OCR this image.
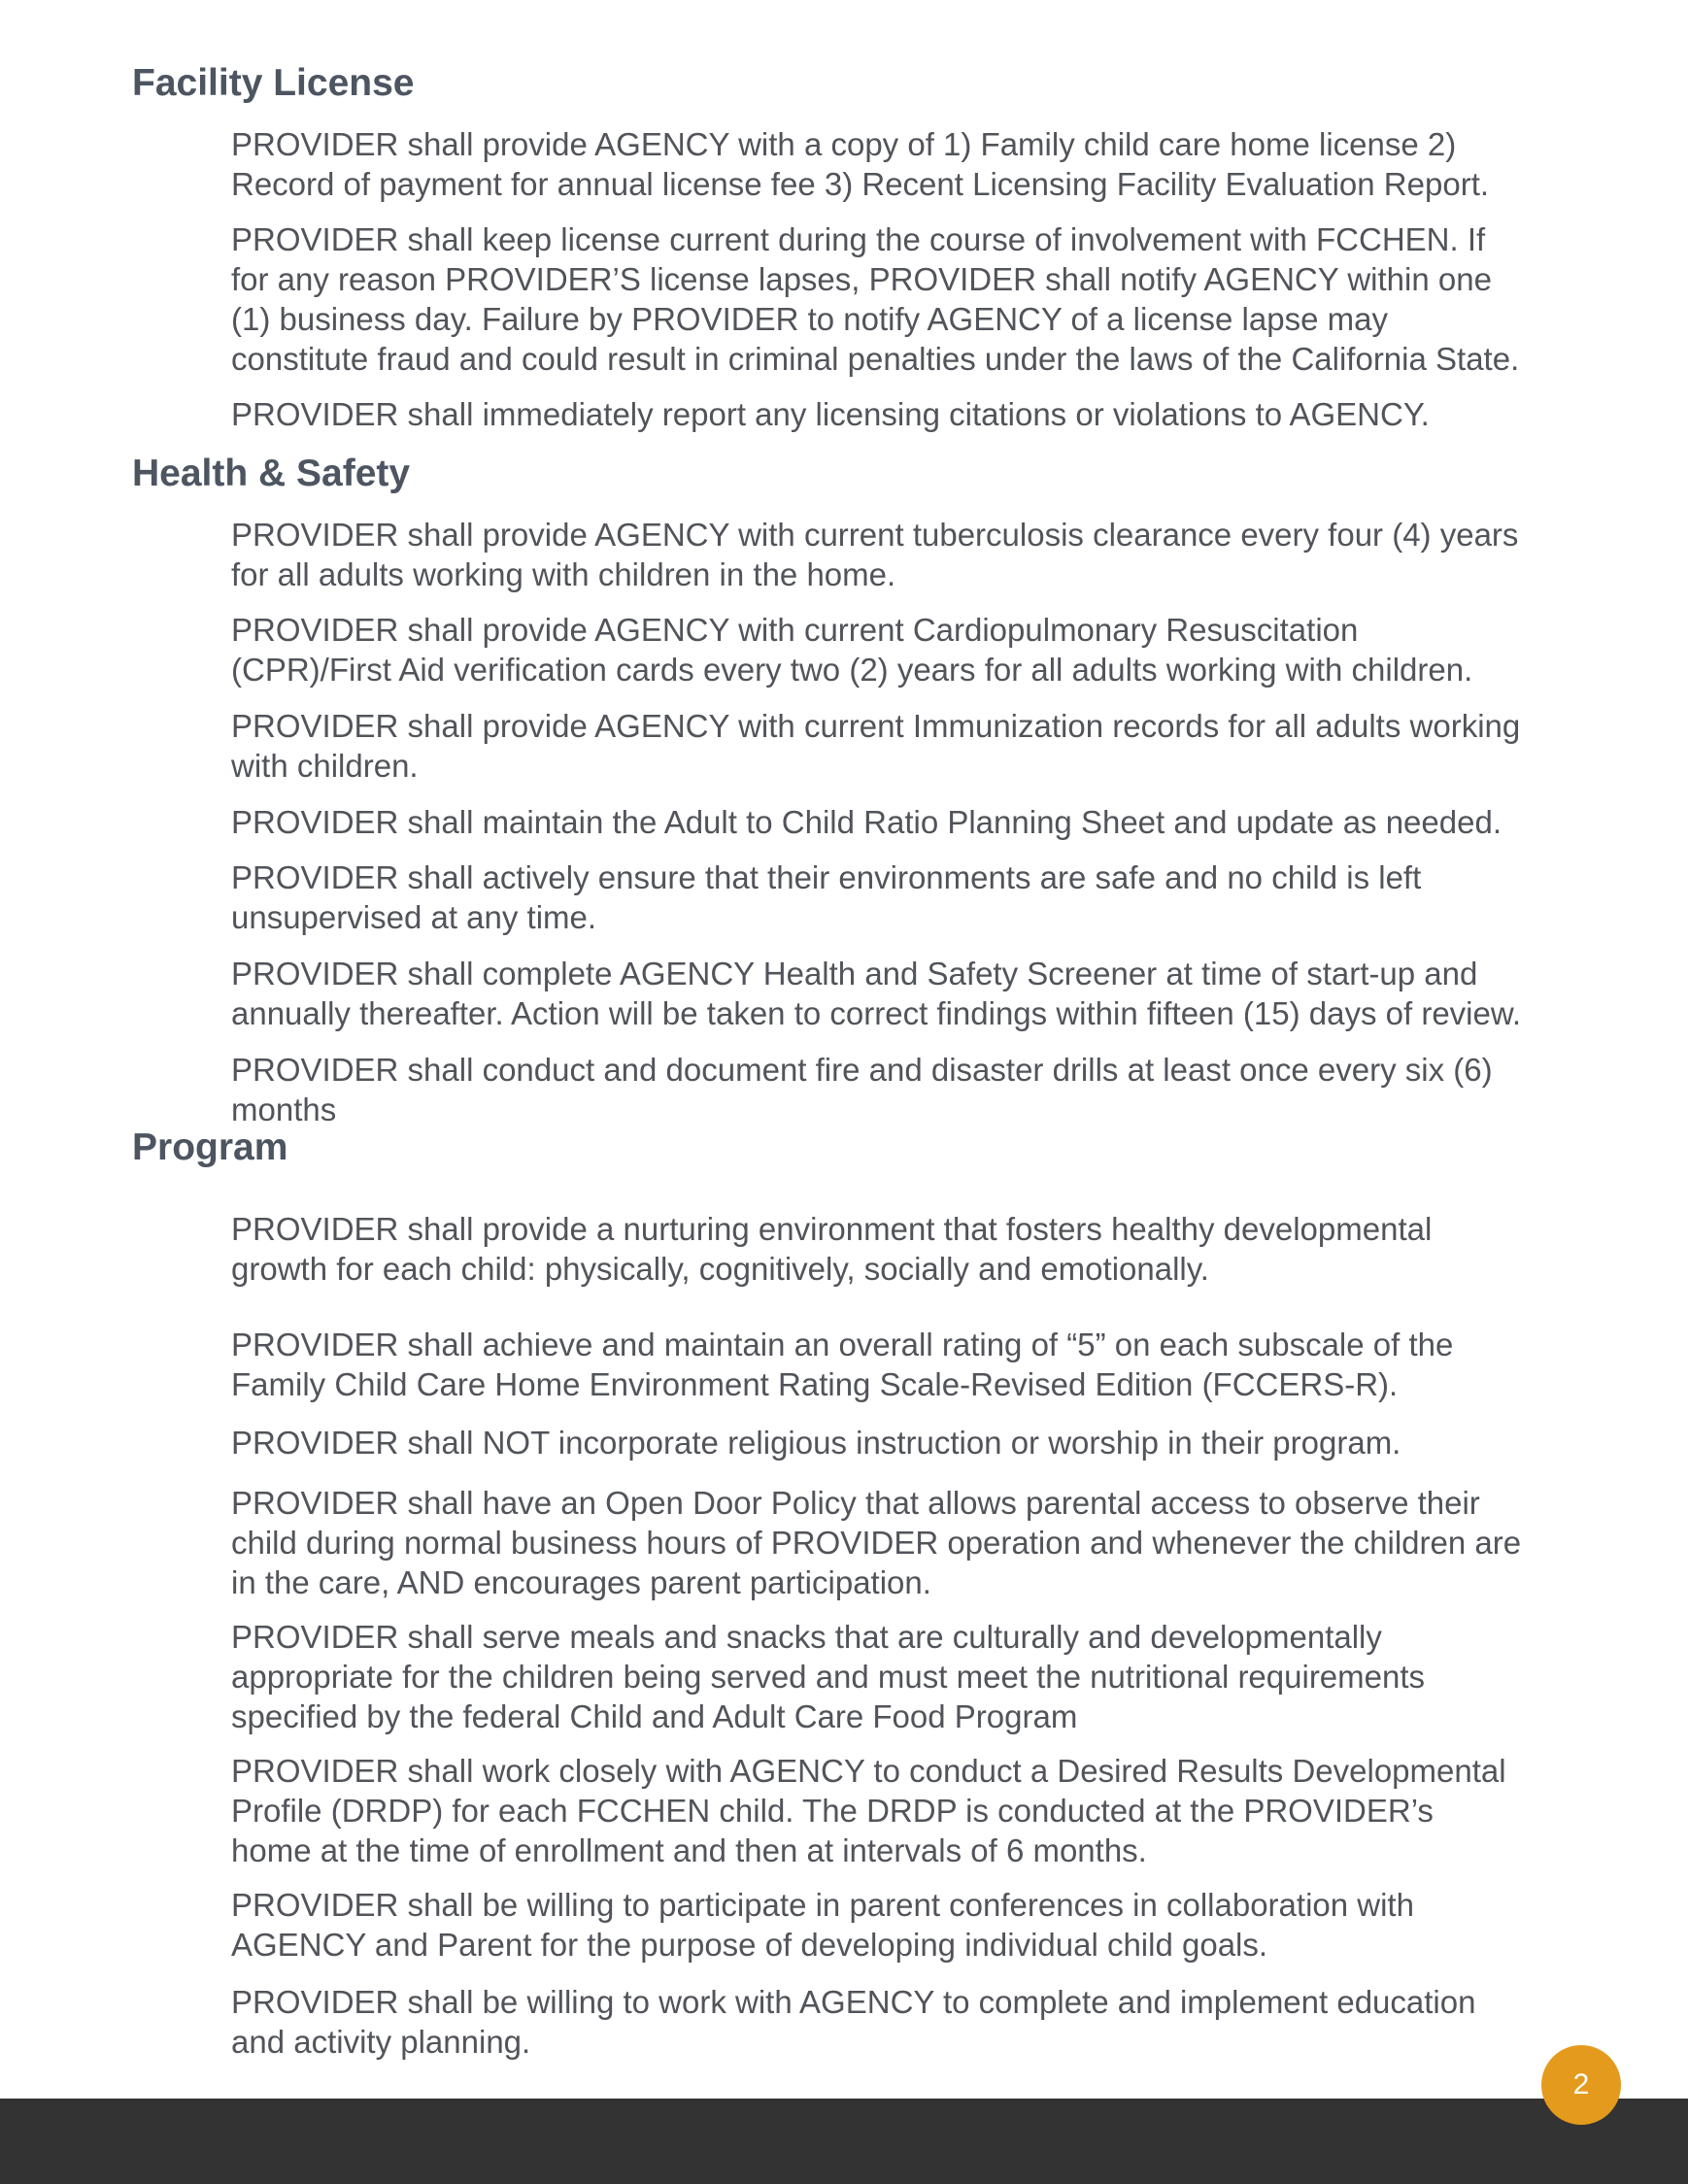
Facility License

PROVIDER shall provide AGENCY with a copy of 1) Family child care home license 2)
Record of payment for annual license fee 3) Recent Licensing Facility Evaluation Report.

PROVIDER shall keep license current during the course of involvement with FCCHEN. If
for any reason PROVIDER’S license lapses, PROVIDER shall notify AGENCY within one
(1) business day. Failure by PROVIDER to notify AGENCY of a license lapse may
constitute fraud and could result in criminal penalties under the laws of the California State.

PROVIDER shall immediately report any licensing citations or violations to AGENCY.

Health & Safety

PROVIDER shall provide AGENCY with current tuberculosis clearance every four (4) years
for all adults working with children in the home.

PROVIDER shall provide AGENCY with current Cardiopulmonary Resuscitation
(CPR)/First Aid verification cards every two (2) years for all adults working with children.

PROVIDER shall provide AGENCY with current Immunization records for all adults working
with children.

PROVIDER shall maintain the Adult to Child Ratio Planning Sheet and update as needed.

PROVIDER shall actively ensure that their environments are safe and no child is left
unsupervised at any time.

PROVIDER shall complete AGENCY Health and Safety Screener at time of start-up and
annually thereafter. Action will be taken to correct findings within fifteen (15) days of review.

PROVIDER shall conduct and document fire and disaster drills at least once every six (6)
months

Program

PROVIDER shall provide a nurturing environment that fosters healthy developmental
growth for each child: physically, cognitively, socially and emotionally.

PROVIDER shall achieve and maintain an overall rating of “5” on each subscale of the
Family Child Care Home Environment Rating Scale-Revised Edition (FCCERS-R).

PROVIDER shall NOT incorporate religious instruction or worship in their program.

PROVIDER shall have an Open Door Policy that allows parental access to observe their
child during normal business hours of PROVIDER operation and whenever the children are
in the care, AND encourages parent participation.

PROVIDER shall serve meals and snacks that are culturally and developmentally
appropriate for the children being served and must meet the nutritional requirements
specified by the federal Child and Adult Care Food Program

PROVIDER shall work closely with AGENCY to conduct a Desired Results Developmental
Profile (DRDP) for each FCCHEN child. The DRDP is conducted at the PROVIDER’s
home at the time of enrollment and then at intervals of 6 months.

PROVIDER shall be willing to participate in parent conferences in collaboration with
AGENCY and Parent for the purpose of developing individual child goals.

PROVIDER shall be willing to work with AGENCY to complete and implement education
and activity planning.

2
